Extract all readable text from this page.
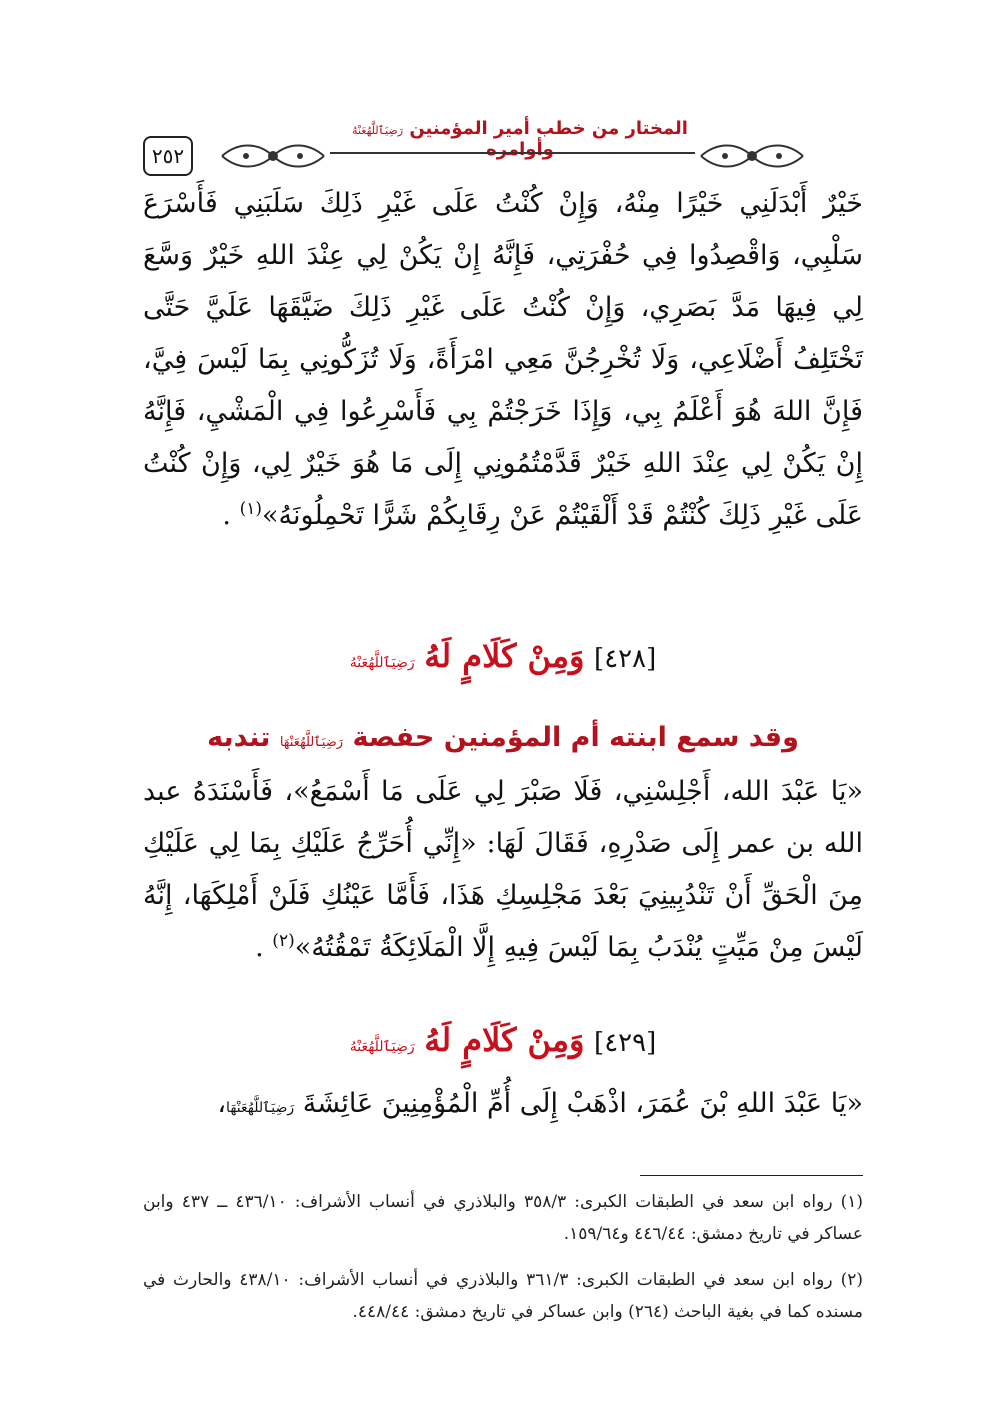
٢٥٢
المختار من خطب أمير المؤمنين رَضِيَٱللَّهُعَنْهُ وأوامره
خَيْرٌ أَبْدَلَنِي خَيْرًا مِنْهُ، وَإِنْ كُنْتُ عَلَى غَيْرِ ذَلِكَ سَلَبَنِي فَأَسْرَعَ سَلْبِي، وَاقْصِدُوا فِي حُفْرَتِي، فَإِنَّهُ إِنْ يَكُنْ لِي عِنْدَ اللهِ خَيْرٌ وَسَّعَ لِي فِيهَا مَدَّ بَصَرِي، وَإِنْ كُنْتُ عَلَى غَيْرِ ذَلِكَ ضَيَّقَهَا عَلَيَّ حَتَّى تَخْتَلِفُ أَضْلَاعِي، وَلَا تُخْرِجُنَّ مَعِي امْرَأَةً، وَلَا تُزَكُّونِي بِمَا لَيْسَ فِيَّ، فَإِنَّ اللهَ هُوَ أَعْلَمُ بِي، وَإِذَا خَرَجْتُمْ بِي فَأَسْرِعُوا فِي الْمَشْيِ، فَإِنَّهُ إِنْ يَكُنْ لِي عِنْدَ اللهِ خَيْرٌ قَدَّمْتُمُونِي إِلَى مَا هُوَ خَيْرٌ لِي، وَإِنْ كُنْتُ عَلَى غَيْرِ ذَلِكَ كُنْتُمْ قَدْ أَلْقَيْتُمْ عَنْ رِقَابِكُمْ شَرًّا تَحْمِلُونَهُ»$^{(١)}$ .
[٤٢٨] وَمِنْ كَلَامٍ لَهُ رَضِيَٱللَّهُعَنْهُ
وقد سمع ابنته أم المؤمنين حفصة رَضِيَٱللَّهُعَنْهَا تندبه
«يَا عَبْدَ الله، أَجْلِسْنِي، فَلَا صَبْرَ لِي عَلَى مَا أَسْمَعُ»، فَأَسْنَدَهُ عبد الله بن عمر إِلَى صَدْرِهِ، فَقَالَ لَهَا: «إِنِّي أُحَرِّجُ عَلَيْكِ بِمَا لِي عَلَيْكِ مِنَ الْحَقِّ أَنْ تَنْدُبِينِيَ بَعْدَ مَجْلِسِكِ هَذَا، فَأَمَّا عَيْنُكِ فَلَنْ أَمْلِكَهَا، إِنَّهُ لَيْسَ مِنْ مَيِّتٍ يُنْدَبُ بِمَا لَيْسَ فِيهِ إِلَّا الْمَلَائِكَةُ تَمْقُتُهُ»$^{(٢)}$ .
[٤٢٩] وَمِنْ كَلَامٍ لَهُ رَضِيَٱللَّهُعَنْهُ
«يَا عَبْدَ اللهِ بْنَ عُمَرَ، اذْهَبْ إِلَى أُمِّ الْمُؤْمِنِينَ عَائِشَةَ رَضِيَٱللَّهُعَنْهَا،
(١)رواه ابن سعد في الطبقات الكبرى: ٣٥٨/٣ والبلاذري في أنساب الأشراف: ٤٣٦/١٠ ــ ٤٣٧ وابن عساكر في تاريخ دمشق: ٤٤٦/٤٤ و١٥٩/٦٤.
(٢)رواه ابن سعد في الطبقات الكبرى: ٣٦١/٣ والبلاذري في أنساب الأشراف: ٤٣٨/١٠ والحارث في مسنده كما في بغية الباحث (٢٦٤) وابن عساكر في تاريخ دمشق: ٤٤٨/٤٤.
